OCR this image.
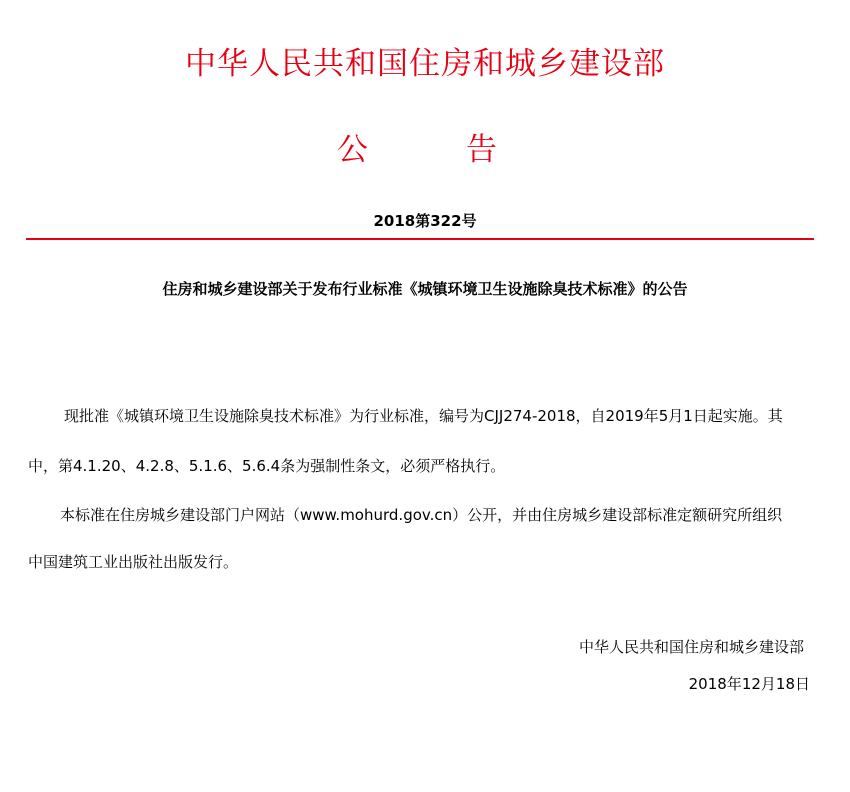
中华人民共和国住房和城乡建设部
公	告
2018第322号
住房和城乡建设部关于发布行业标准《城镇环境卫生设施除臭技术标准》的公告
现批准《城镇环境卫生设施除臭技术标准》为行业标准，编号为CJJ274-2018，自2019年5月1日起实施。其
中，第4.1.20、4.2.8、5.1.6、5.6.4条为强制性条文，必须严格执行。
本标准在住房城乡建设部门户网站（www.mohurd.gov.cn）公开，并由住房城乡建设部标准定额研究所组织
中国建筑工业出版社出版发行。
中华人民共和国住房和城乡建设部
2018年12月18日
